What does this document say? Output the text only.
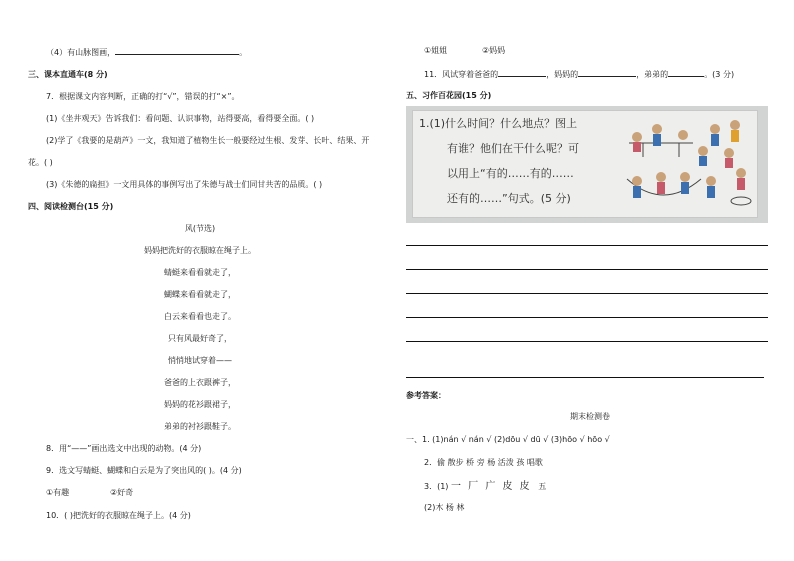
（4）有山脉图画，	。
三、课本直通车(8 分)
7．根据课文内容判断，正确的打“√”，错误的打“×”。
(1)《坐井观天》告诉我们：看问题、认识事物，站得要高，看得要全面。( )
(2)学了《我要的是葫芦》一文，我知道了植物生长一般要经过生根、发芽、长叶、结果、开
花。( )
(3)《朱德的扁担》一文用具体的事例写出了朱德与战士们同甘共苦的品质。( )
四、阅读检测台(15 分)
风(节选)
妈妈把洗好的衣服晾在绳子上。
蜻蜓来看看就走了，
蝴蝶来看看就走了，
白云来看看也走了。
只有风最好奇了，
悄悄地试穿着——
爸爸的上衣跟裤子，
妈妈的花衫跟裙子，
弟弟的衬衫跟鞋子。
8．用“——”画出选文中出现的动物。(4 分)
9．选文写蜻蜓、蝴蝶和白云是为了突出风的( )。(4 分)
①有趣	②好奇
10．( )把洗好的衣服晾在绳子上。(4 分)
①姐姐	②妈妈
11．风试穿着爸爸的	，妈妈的	，弟弟的	。(3 分)
五、习作百花园(15 分)
1.(1)什么时间？什么地点？图上
有谁？他们在干什么呢？可
以用上“有的……有的……
还有的……”句式。(5 分)
参考答案：
期末检测卷
一、1. (1)nán √ nán √ (2)dōu √ dū √ (3)hōo √ hōo √
2．偷 散步 桥 旁 杨 活泼 孩 唱歌
3．(1) 一 厂 广 皮 皮 五
(2)木 杨 林
